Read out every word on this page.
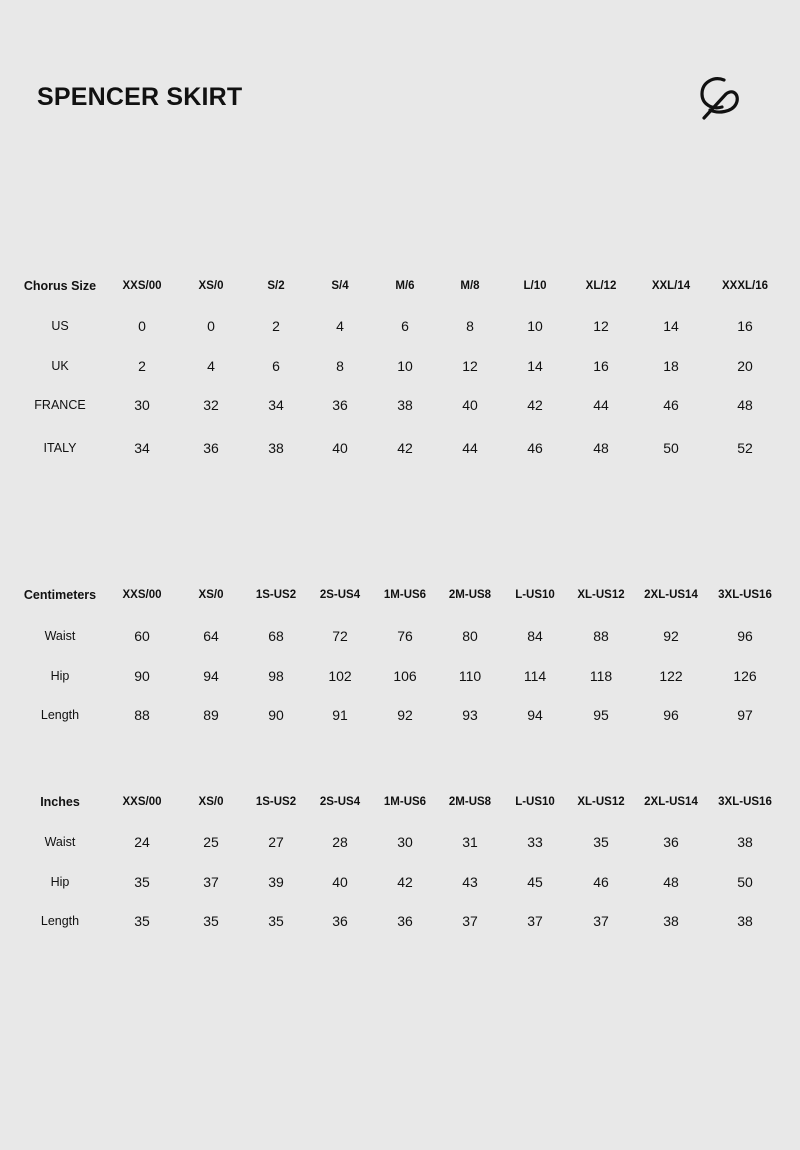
SPENCER SKIRT
Chorus Size	XXS/00	XS/0	S/2	S/4	M/6	M/8	L/10	XL/12	XXL/14	XXXL/16
US	0	0	2	4	6	8	10	12	14	16
UK	2	4	6	8	10	12	14	16	18	20
FRANCE	30	32	34	36	38	40	42	44	46	48
ITALY	34	36	38	40	42	44	46	48	50	52
Centimeters	XXS/00	XS/0	1S-US2	2S-US4	1M-US6	2M-US8	L-US10	XL-US12	2XL-US14	3XL-US16
Waist	60	64	68	72	76	80	84	88	92	96
Hip	90	94	98	102	106	110	114	118	122	126
Length	88	89	90	91	92	93	94	95	96	97
Inches	XXS/00	XS/0	1S-US2	2S-US4	1M-US6	2M-US8	L-US10	XL-US12	2XL-US14	3XL-US16
Waist	24	25	27	28	30	31	33	35	36	38
Hip	35	37	39	40	42	43	45	46	48	50
Length	35	35	35	36	36	37	37	37	38	38
